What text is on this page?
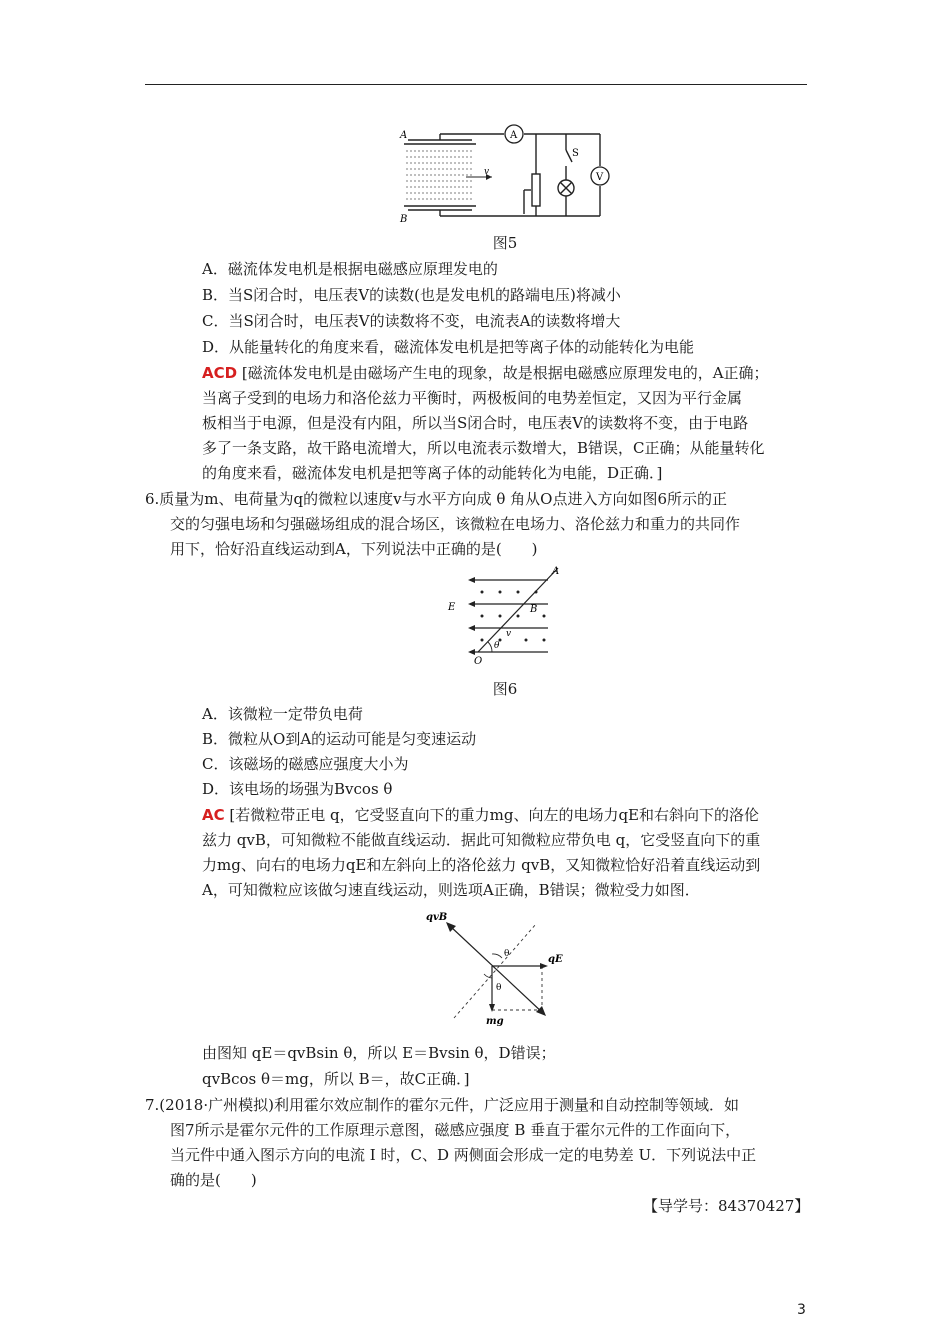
A
B
v
A
V
S
图5
A．磁流体发电机是根据电磁感应原理发电的
B．当S闭合时，电压表V的读数(也是发电机的路端电压)将减小
C．当S闭合时，电压表V的读数将不变，电流表A的读数将增大
D．从能量转化的角度来看，磁流体发电机是把等离子体的动能转化为电能
ACD [磁流体发电机是由磁场产生电的现象，故是根据电磁感应原理发电的，A正确；
当离子受到的电场力和洛伦兹力平衡时，两极板间的电势差恒定，又因为平行金属
板相当于电源，但是没有内阻，所以当S闭合时，电压表V的读数将不变，由于电路
多了一条支路，故干路电流增大，所以电流表示数增大，B错误，C正确；从能量转化
的角度来看，磁流体发电机是把等离子体的动能转化为电能，D正确．]
6.质量为m、电荷量为q的微粒以速度v与水平方向成 θ 角从O点进入方向如图6所示的正
交的匀强电场和匀强磁场组成的混合场区，该微粒在电场力、洛伦兹力和重力的共同作
用下，恰好沿直线运动到A，下列说法中正确的是(　　)
A
E	B
v
θ
O
图6
A．该微粒一定带负电荷
B．微粒从O到A的运动可能是匀变速运动
C．该磁场的磁感应强度大小为
D．该电场的场强为Bvcos θ
AC [若微粒带正电 q，它受竖直向下的重力mg、向左的电场力qE和右斜向下的洛伦
兹力 qvB，可知微粒不能做直线运动．据此可知微粒应带负电 q，它受竖直向下的重
力mg、向右的电场力qE和左斜向上的洛伦兹力 qvB，又知微粒恰好沿着直线运动到
A，可知微粒应该做匀速直线运动，则选项A正确，B错误；微粒受力如图．
qvB
qE
mg
θ
θ
由图知 qE＝qvBsin θ，所以 E＝Bvsin θ，D错误；
qvBcos θ＝mg，所以 B＝，故C正确．]
7.(2018·广州模拟)利用霍尔效应制作的霍尔元件，广泛应用于测量和自动控制等领域．如
图7所示是霍尔元件的工作原理示意图，磁感应强度 B 垂直于霍尔元件的工作面向下，
当元件中通入图示方向的电流 I 时，C、D 两侧面会形成一定的电势差 U．下列说法中正
确的是(　　)
【导学号：84370427】
3
